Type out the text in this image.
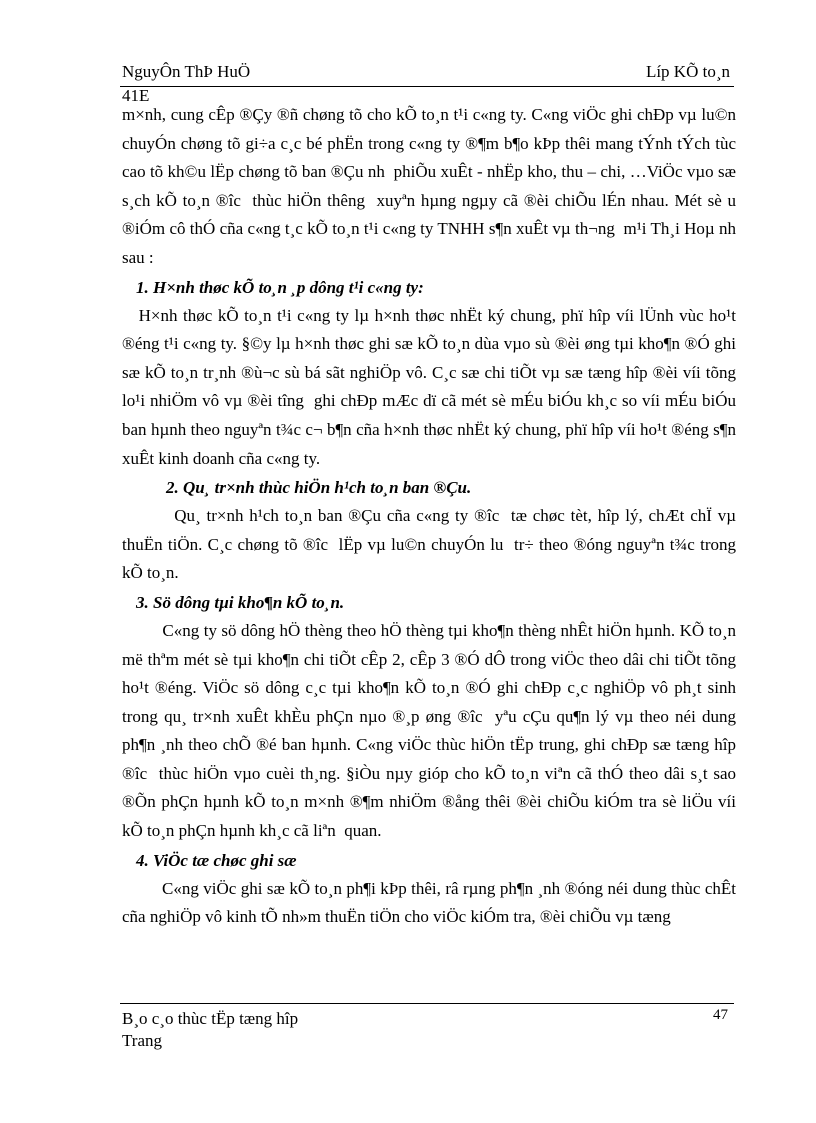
NguyÔn ThÞ HuÖ	Líp KÕ to¸n
41E

m×nh, cung cÊp ®Çy ®ñ chøng tõ cho kÕ to¸n t¹i c«ng ty. C«ng viÖc ghi chÐp vµ lu©n chuyÓn chøng tõ gi÷a c¸c bé phËn trong c«ng ty ®¶m b¶o kÞp thêi mang tÝnh tÝch tùc cao tõ kh©u lËp chøng tõ ban ®Çu nh  phiÕu xuÊt - nhËp kho, thu – chi, …ViÖc vµo sæ s¸ch kÕ to¸n ®îc  thùc hiÖn thêng  xuyªn hµng ngµy cã ®èi chiÕu lÉn nhau. Mét sè u  ®iÓm cô thÓ cña c«ng t¸c kÕ to¸n t¹i c«ng ty TNHH s¶n xuÊt vµ th¬ng  m¹i Th¸i Hoµ nh  sau :

1. H×nh thøc kÕ to¸n ¸p dông t¹i c«ng ty:

H×nh thøc kÕ to¸n t¹i c«ng ty lµ h×nh thøc nhËt ký chung, phï hîp víi lÜnh vùc ho¹t ®éng t¹i c«ng ty. §©y lµ h×nh thøc ghi sæ kÕ to¸n dùa vµo sù ®èi øng tµi kho¶n ®Ó ghi sæ kÕ to¸n tr¸nh ®ù¬c sù bá sãt nghiÖp vô. C¸c sæ chi tiÕt vµ sæ tæng hîp ®èi víi tõng lo¹i nhiÖm vô vµ ®èi tîng  ghi chÐp mÆc dï cã mét sè mÉu biÓu kh¸c so víi mÉu biÓu ban hµnh theo nguyªn t¾c c¬ b¶n cña h×nh thøc nhËt ký chung, phï hîp víi ho¹t ®éng s¶n xuÊt kinh doanh cña c«ng ty.

2. Qu¸ tr×nh thùc hiÖn h¹ch to¸n ban ®Çu.

Qu¸ tr×nh h¹ch to¸n ban ®Çu cña c«ng ty ®îc  tæ chøc tèt, hîp lý, chÆt chÏ vµ thuËn tiÖn. C¸c chøng tõ ®îc  lËp vµ lu©n chuyÓn lu  tr÷ theo ®óng nguyªn t¾c trong kÕ to¸n.

3. Sö dông tµi kho¶n kÕ to¸n.

C«ng ty sö dông hÖ thèng theo hÖ thèng tµi kho¶n thèng nhÊt hiÖn hµnh. KÕ to¸n më thªm mét sè tµi kho¶n chi tiÕt cÊp 2, cÊp 3 ®Ó dÔ trong viÖc theo dâi chi tiÕt tõng ho¹t ®éng. ViÖc sö dông c¸c tµi kho¶n kÕ to¸n ®Ó ghi chÐp c¸c nghiÖp vô ph¸t sinh trong qu¸ tr×nh xuÊt khÈu phÇn nµo ®¸p øng ®îc  yªu cÇu qu¶n lý vµ theo néi dung ph¶n ¸nh theo chÕ ®é ban hµnh. C«ng viÖc thùc hiÖn tËp trung, ghi chÐp sæ tæng hîp ®îc  thùc hiÖn vµo cuèi th¸ng. §iÒu nµy gióp cho kÕ to¸n viªn cã thÓ theo dâi s¸t sao ®Õn phÇn hµnh kÕ to¸n m×nh ®¶m nhiÖm ®ång thêi ®èi chiÕu kiÓm tra sè liÖu víi kÕ to¸n phÇn hµnh kh¸c cã liªn  quan.

4. ViÖc tæ chøc ghi sæ

C«ng viÖc ghi sæ kÕ to¸n ph¶i kÞp thêi, râ rµng ph¶n ¸nh ®óng néi dung thùc chÊt cña nghiÖp vô kinh tÕ nh»m thuËn tiÖn cho viÖc kiÓm tra, ®èi chiÕu vµ tæng

B¸o c¸o thùc tËp tæng hîp	47
Trang
